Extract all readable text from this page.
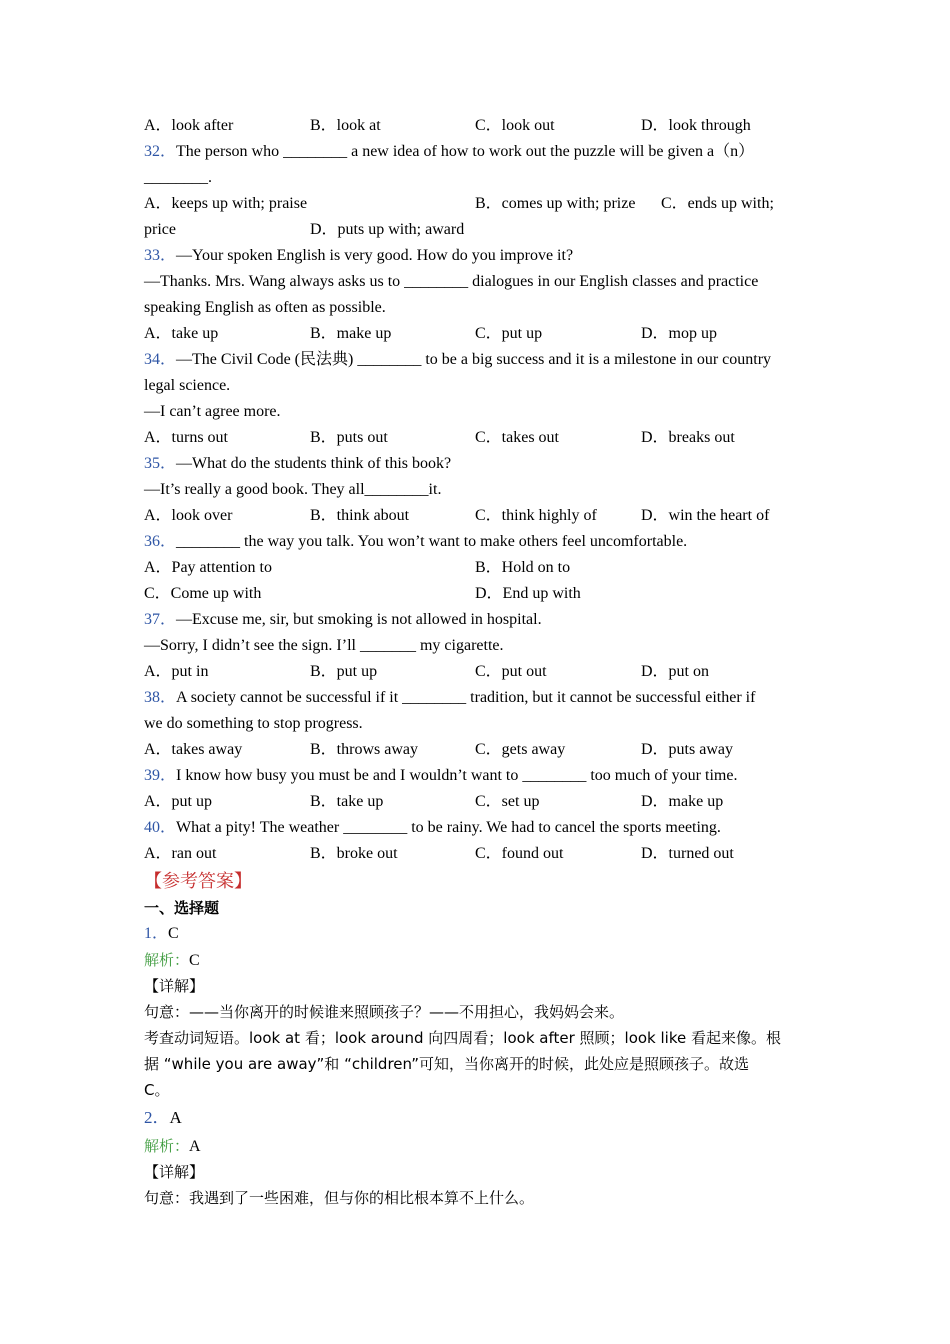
A．look after	B．look at	C．look out	D．look through
32．The person who ________ a new idea of how to work out the puzzle will be given a（n）
________.
A．keeps up with; praise	B．comes up with; prize C．ends up with;
price	D．puts up with; award
33．—Your spoken English is very good. How do you improve it?
—Thanks. Mrs. Wang always asks us to ________ dialogues in our English classes and practice
speaking English as often as possible.
A．take up	B．make up	C．put up	D．mop up
34．—The Civil Code (民法典) ________ to be a big success and it is a milestone in our country
legal science.
—I can’t agree more.
A．turns out	B．puts out	C．takes out	D．breaks out
35．—What do the students think of this book?
—It’s really a good book. They all________it.
A．look over	B．think about	C．think highly of	D．win the heart of
36．________ the way you talk. You won’t want to make others feel uncomfortable.
A．Pay attention to	B．Hold on to
C．Come up with	D．End up with
37．—Excuse me, sir, but smoking is not allowed in hospital.
—Sorry, I didn’t see the sign. I’ll _______ my cigarette.
A．put in	B．put up	C．put out	D．put on
38．A society cannot be successful if it ________ tradition, but it cannot be successful either if
we do something to stop progress.
A．takes away	B．throws away	C．gets away	D．puts away
39．I know how busy you must be and I wouldn’t want to ________ too much of your time.
A．put up	B．take up	C．set up	D．make up
40．What a pity! The weather ________ to be rainy. We had to cancel the sports meeting.
A．ran out	B．broke out	C．found out	D．turned out
【参考答案】
一、选择题
1．C
解析：C
【详解】
句意：——当你离开的时候谁来照顾孩子？——不用担心，我妈妈会来。
考查动词短语。look at 看；look around 向四周看；look after 照顾；look like 看起来像。根
据 “while you are away”和 “children”可知，当你离开的时候，此处应是照顾孩子。故选
C。
2．A
解析：A
【详解】
句意：我遇到了一些困难，但与你的相比根本算不上什么。
